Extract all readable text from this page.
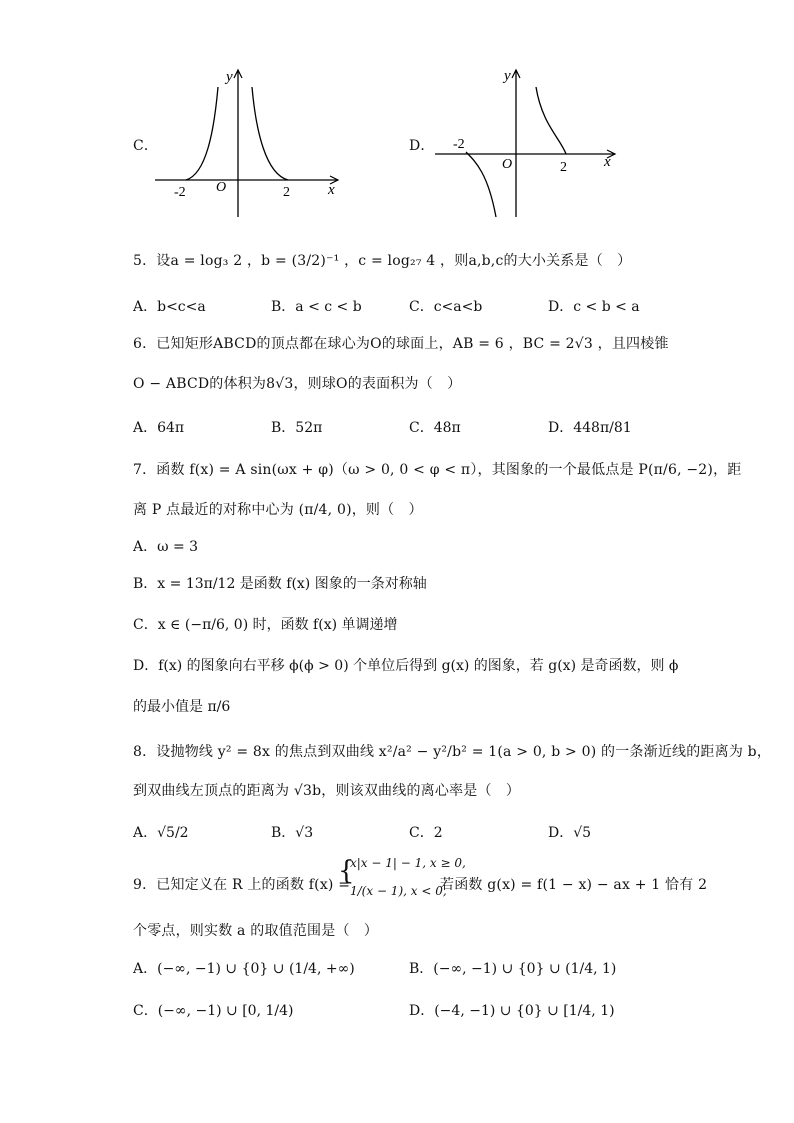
C．
y
x
O
-2	2
D．
y
x
O
-2
2
5．设a = log₃ 2 ，b = (3/2)⁻¹ ，c = log₂₇ 4 ，则a,b,c的大小关系是（　）
A．b<c<a	B．a < c < b	C．c<a<b	D．c < b < a
6．已知矩形ABCD的顶点都在球心为O的球面上，AB = 6 ，BC = 2√3 ，且四棱锥
O − ABCD的体积为8√3，则球O的表面积为（　）
A．64π	B．52π	C．48π	D．448π/81
7．函数 f(x) = A sin(ωx + φ)（ω > 0, 0 < φ < π），其图象的一个最低点是 P(π/6, −2)，距
离 P 点最近的对称中心为 (π/4, 0)，则（　）
A．ω = 3
B．x = 13π/12 是函数 f(x) 图象的一条对称轴
C．x ∈ (−π/6, 0) 时，函数 f(x) 单调递增
D．f(x) 的图象向右平移 ϕ(ϕ > 0) 个单位后得到 g(x) 的图象，若 g(x) 是奇函数，则 ϕ
的最小值是 π/6
8．设抛物线 y² = 8x 的焦点到双曲线 x²/a² − y²/b² = 1(a > 0, b > 0) 的一条渐近线的距离为 b，
到双曲线左顶点的距离为 √3b，则该双曲线的离心率是（　）
A．√5/2	B．√3	C．2	D．√5
9．已知定义在 R 上的函数 f(x) =
{
x|x − 1| − 1, x ≥ 0,
1/(x − 1), x < 0,
若函数 g(x) = f(1 − x) − ax + 1 恰有 2
个零点，则实数 a 的取值范围是（　）
A．(−∞, −1) ∪ {0} ∪ (1/4, +∞)	B．(−∞, −1) ∪ {0} ∪ (1/4, 1)
C．(−∞, −1) ∪ [0, 1/4)	D．(−4, −1) ∪ {0} ∪ [1/4, 1)
